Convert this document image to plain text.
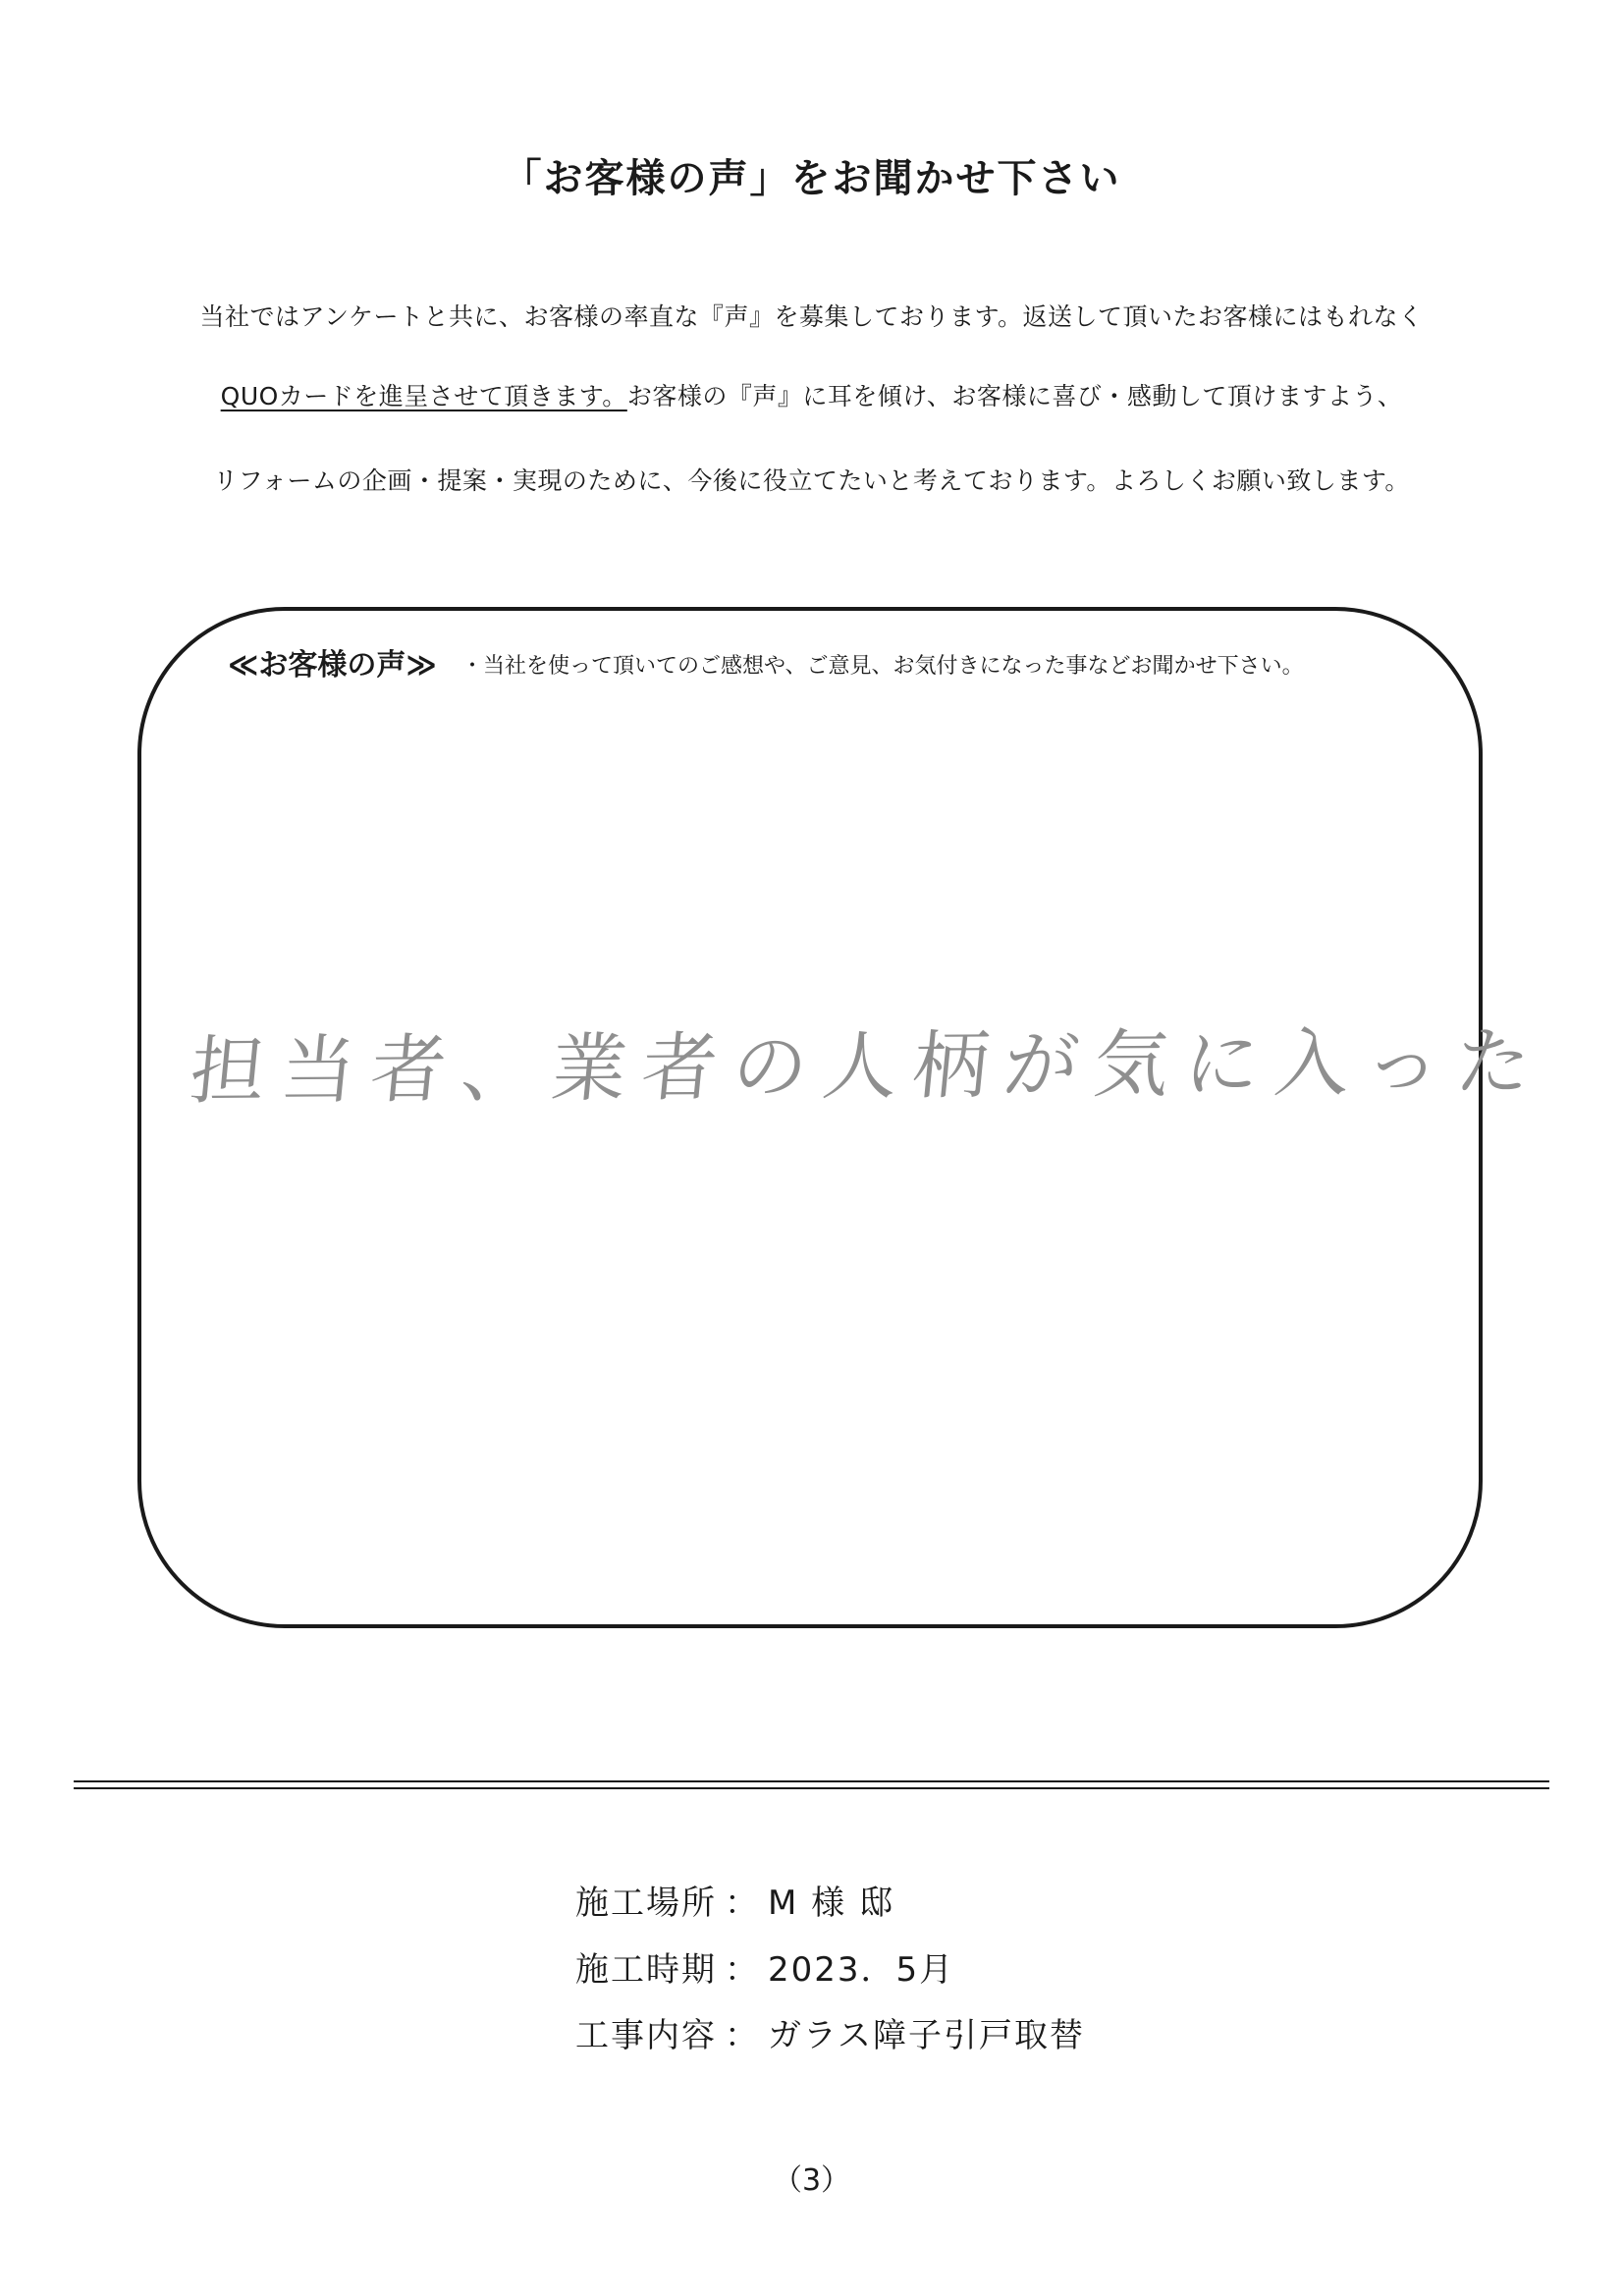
「お客様の声」をお聞かせ下さい
当社ではアンケートと共に、お客様の率直な『声』を募集しております。返送して頂いたお客様にはもれなく
QUOカードを進呈させて頂きます。お客様の『声』に耳を傾け、お客様に喜び・感動して頂けますよう、
リフォームの企画・提案・実現のために、今後に役立てたいと考えております。よろしくお願い致します。
≪お客様の声≫ ・当社を使って頂いてのご感想や、ご意見、お気付きになった事などお聞かせ下さい。
担当者、業者の人柄が気に入った
施工場所 ： M 様 邸
施工時期 ： 2023．5月
工事内容 ： ガラス障子引戸取替
（3）
